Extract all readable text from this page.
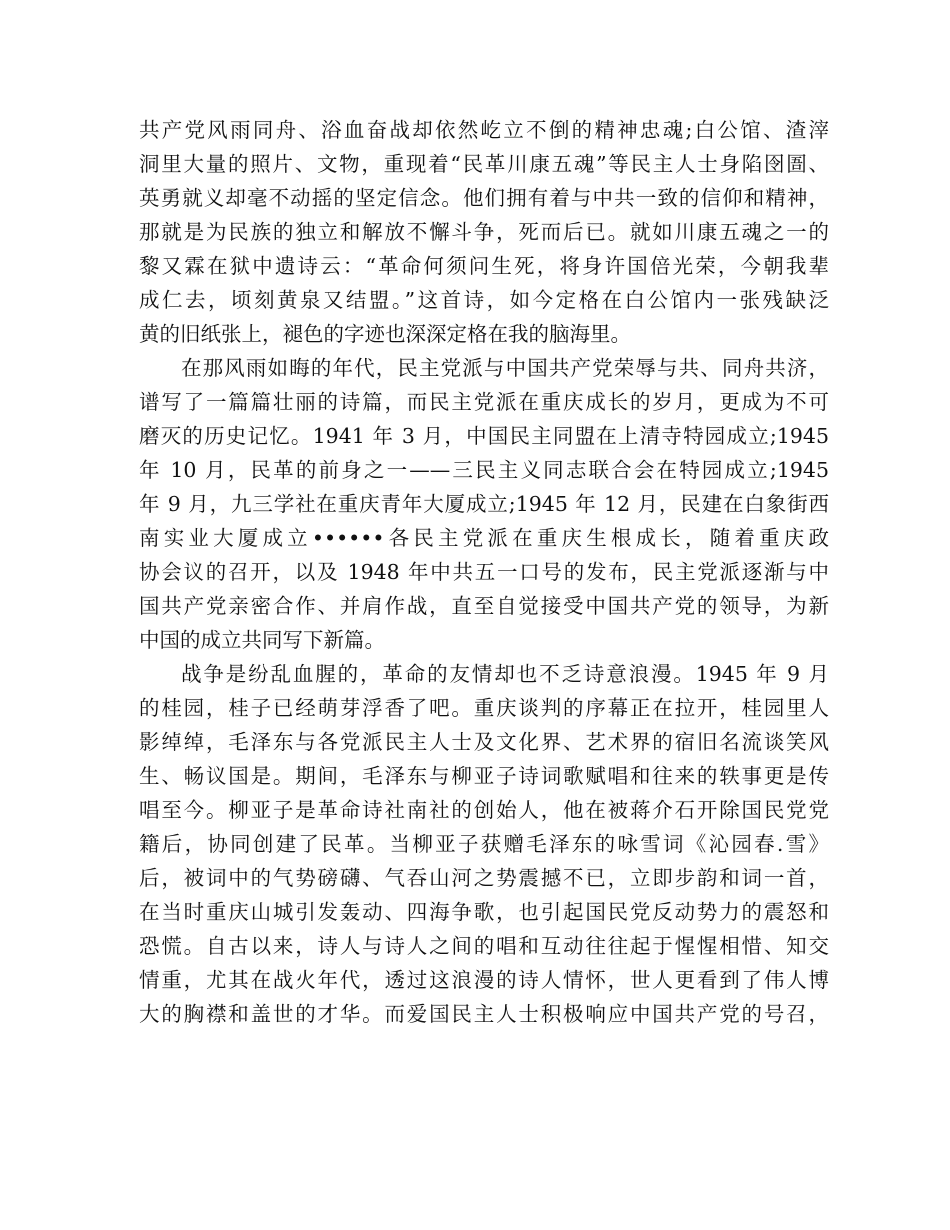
共产党风雨同舟、浴血奋战却依然屹立不倒的精神忠魂;白公馆、渣滓
洞里大量的照片、文物，重现着“民革川康五魂”等民主人士身陷囹圄、
英勇就义却毫不动摇的坚定信念。他们拥有着与中共一致的信仰和精神，
那就是为民族的独立和解放不懈斗争，死而后已。就如川康五魂之一的
黎又霖在狱中遗诗云：“革命何须问生死，将身许国倍光荣，今朝我辈
成仁去，顷刻黄泉又结盟。”这首诗，如今定格在白公馆内一张残缺泛
黄的旧纸张上，褪色的字迹也深深定格在我的脑海里。
在那风雨如晦的年代，民主党派与中国共产党荣辱与共、同舟共济，
谱写了一篇篇壮丽的诗篇，而民主党派在重庆成长的岁月，更成为不可
磨灭的历史记忆。1941 年 3 月，中国民主同盟在上清寺特园成立;1945
年 10 月，民革的前身之一——三民主义同志联合会在特园成立;1945
年 9 月，九三学社在重庆青年大厦成立;1945 年 12 月，民建在白象街西
南实业大厦成立••••••各民主党派在重庆生根成长，随着重庆政
协会议的召开，以及 1948 年中共五一口号的发布，民主党派逐渐与中
国共产党亲密合作、并肩作战，直至自觉接受中国共产党的领导，为新
中国的成立共同写下新篇。
战争是纷乱血腥的，革命的友情却也不乏诗意浪漫。1945 年 9 月
的桂园，桂子已经萌芽浮香了吧。重庆谈判的序幕正在拉开，桂园里人
影绰绰，毛泽东与各党派民主人士及文化界、艺术界的宿旧名流谈笑风
生、畅议国是。期间，毛泽东与柳亚子诗词歌赋唱和往来的轶事更是传
唱至今。柳亚子是革命诗社南社的创始人，他在被蒋介石开除国民党党
籍后，协同创建了民革。当柳亚子获赠毛泽东的咏雪词《沁园春.雪》
后，被词中的气势磅礴、气吞山河之势震撼不已，立即步韵和词一首，
在当时重庆山城引发轰动、四海争歌，也引起国民党反动势力的震怒和
恐慌。自古以来，诗人与诗人之间的唱和互动往往起于惺惺相惜、知交
情重，尤其在战火年代，透过这浪漫的诗人情怀，世人更看到了伟人博
大的胸襟和盖世的才华。而爱国民主人士积极响应中国共产党的号召，
